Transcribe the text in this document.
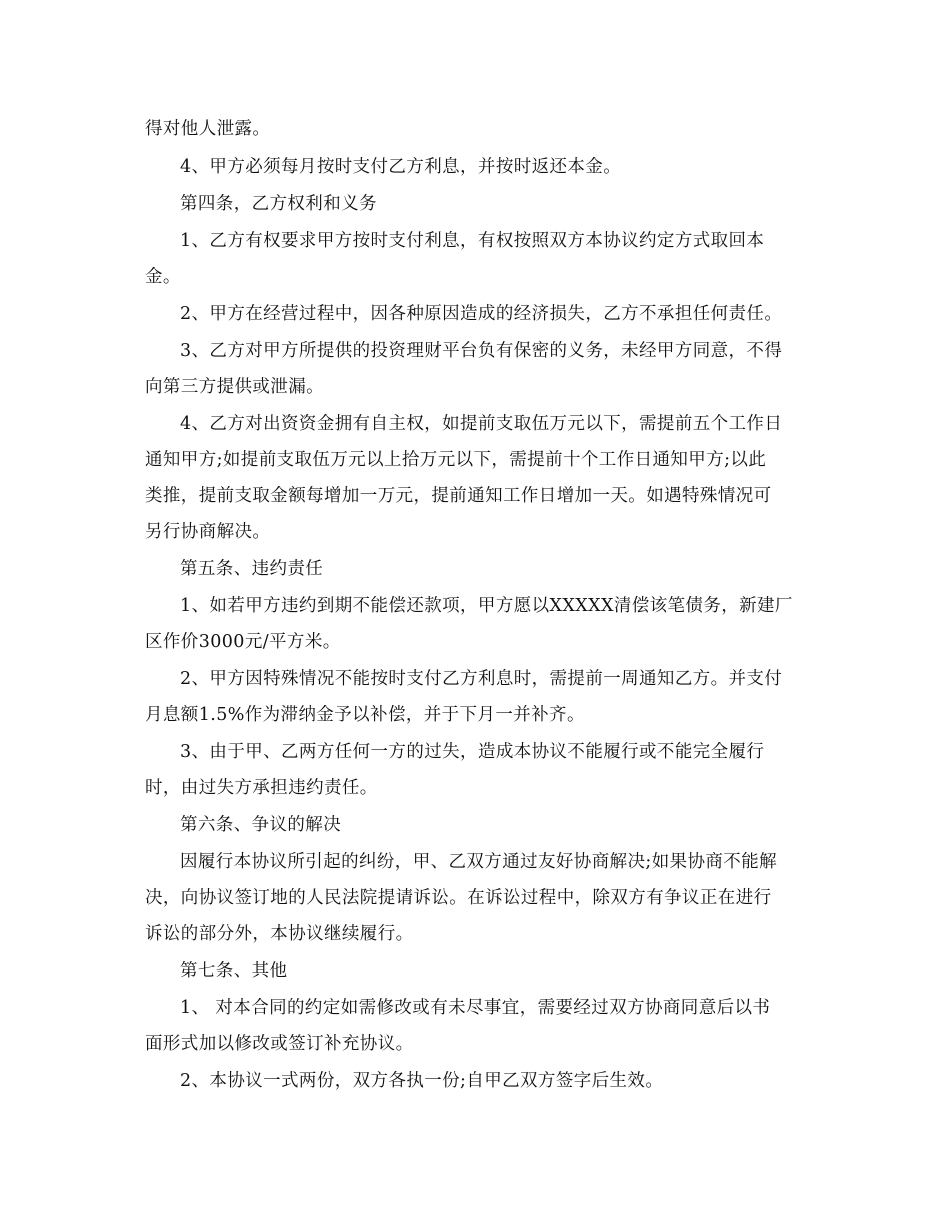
得对他人泄露。
4、甲方必须每月按时支付乙方利息，并按时返还本金。
第四条，乙方权利和义务
1、乙方有权要求甲方按时支付利息，有权按照双方本协议约定方式取回本
金。
2、甲方在经营过程中，因各种原因造成的经济损失，乙方不承担任何责任。
3、乙方对甲方所提供的投资理财平台负有保密的义务，未经甲方同意，不得
向第三方提供或泄漏。
4、乙方对出资资金拥有自主权，如提前支取伍万元以下，需提前五个工作日
通知甲方;如提前支取伍万元以上拾万元以下，需提前十个工作日通知甲方;以此
类推，提前支取金额每增加一万元，提前通知工作日增加一天。如遇特殊情况可
另行协商解决。
第五条、违约责任
1、如若甲方违约到期不能偿还款项，甲方愿以XXXXX清偿该笔债务，新建厂
区作价3000元/平方米。
2、甲方因特殊情况不能按时支付乙方利息时，需提前一周通知乙方。并支付
月息额1.5%作为滞纳金予以补偿，并于下月一并补齐。
3、由于甲、乙两方任何一方的过失，造成本协议不能履行或不能完全履行
时，由过失方承担违约责任。
第六条、争议的解决
因履行本协议所引起的纠纷，甲、乙双方通过友好协商解决;如果协商不能解
决，向协议签订地的人民法院提请诉讼。在诉讼过程中，除双方有争议正在进行
诉讼的部分外，本协议继续履行。
第七条、其他
1、 对本合同的约定如需修改或有未尽事宜，需要经过双方协商同意后以书
面形式加以修改或签订补充协议。
2、本协议一式两份，双方各执一份;自甲乙双方签字后生效。
